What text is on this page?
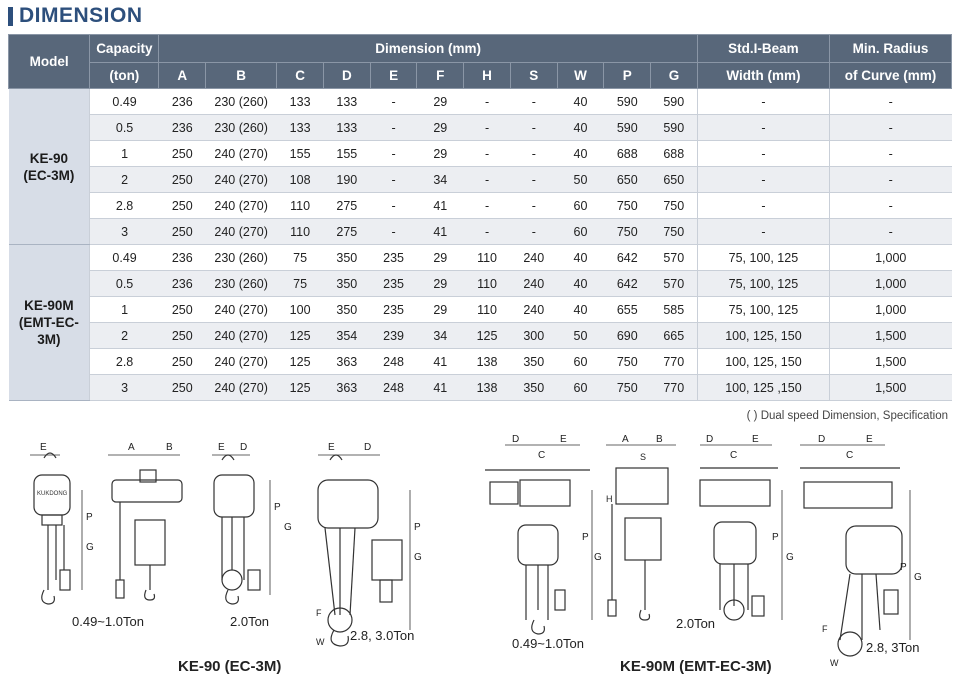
DIMENSION
Model	Capacity	Dimension (mm)											Std.I-Beam	Min. Radius
	(ton)	A	B	C	D	E	F	H	S	W	P	G	Width (mm)	of Curve (mm)

KE-90
(EC-3M)	0.49	236	230 (260)	133	133	-	29	-	-	40	590	590	-	-
	0.5	236	230 (260)	133	133	-	29	-	-	40	590	590	-	-
	1	250	240 (270)	155	155	-	29	-	-	40	688	688	-	-
	2	250	240 (270)	108	190	-	34	-	-	50	650	650	-	-
	2.8	250	240 (270)	110	275	-	41	-	-	60	750	750	-	-
	3	250	240 (270)	110	275	-	41	-	-	60	750	750	-	-

KE-90M
(EMT-EC-3M)	0.49	236	230 (260)	75	350	235	29	110	240	40	642	570	75, 100, 125	1,000
	0.5	236	230 (260)	75	350	235	29	110	240	40	642	570	75, 100, 125	1,000
	1	250	240 (270)	100	350	235	29	110	240	40	655	585	75, 100, 125	1,000
	2	250	240 (270)	125	354	239	34	125	300	50	690	665	100, 125, 150	1,500
	2.8	250	240 (270)	125	363	248	41	138	350	60	750	770	100, 125, 150	1,500
	3	250	240 (270)	125	363	248	41	138	350	60	750	770	100, 125 ,150	1,500
( ) Dual speed Dimension, Specification
E
KUKDONG
P
G
A	B	E D
P
G
E	D
P
G
F
W
D	E
C
P
G
A	B
S
H
D	E
C
P
G
D	E
C
P
G
F
W
0.49~1.0Ton	2.0Ton
2.8, 3.0Ton
KE-90 (EC-3M)
0.49~1.0Ton
2.0Ton
2.8, 3Ton
KE-90M (EMT-EC-3M)
